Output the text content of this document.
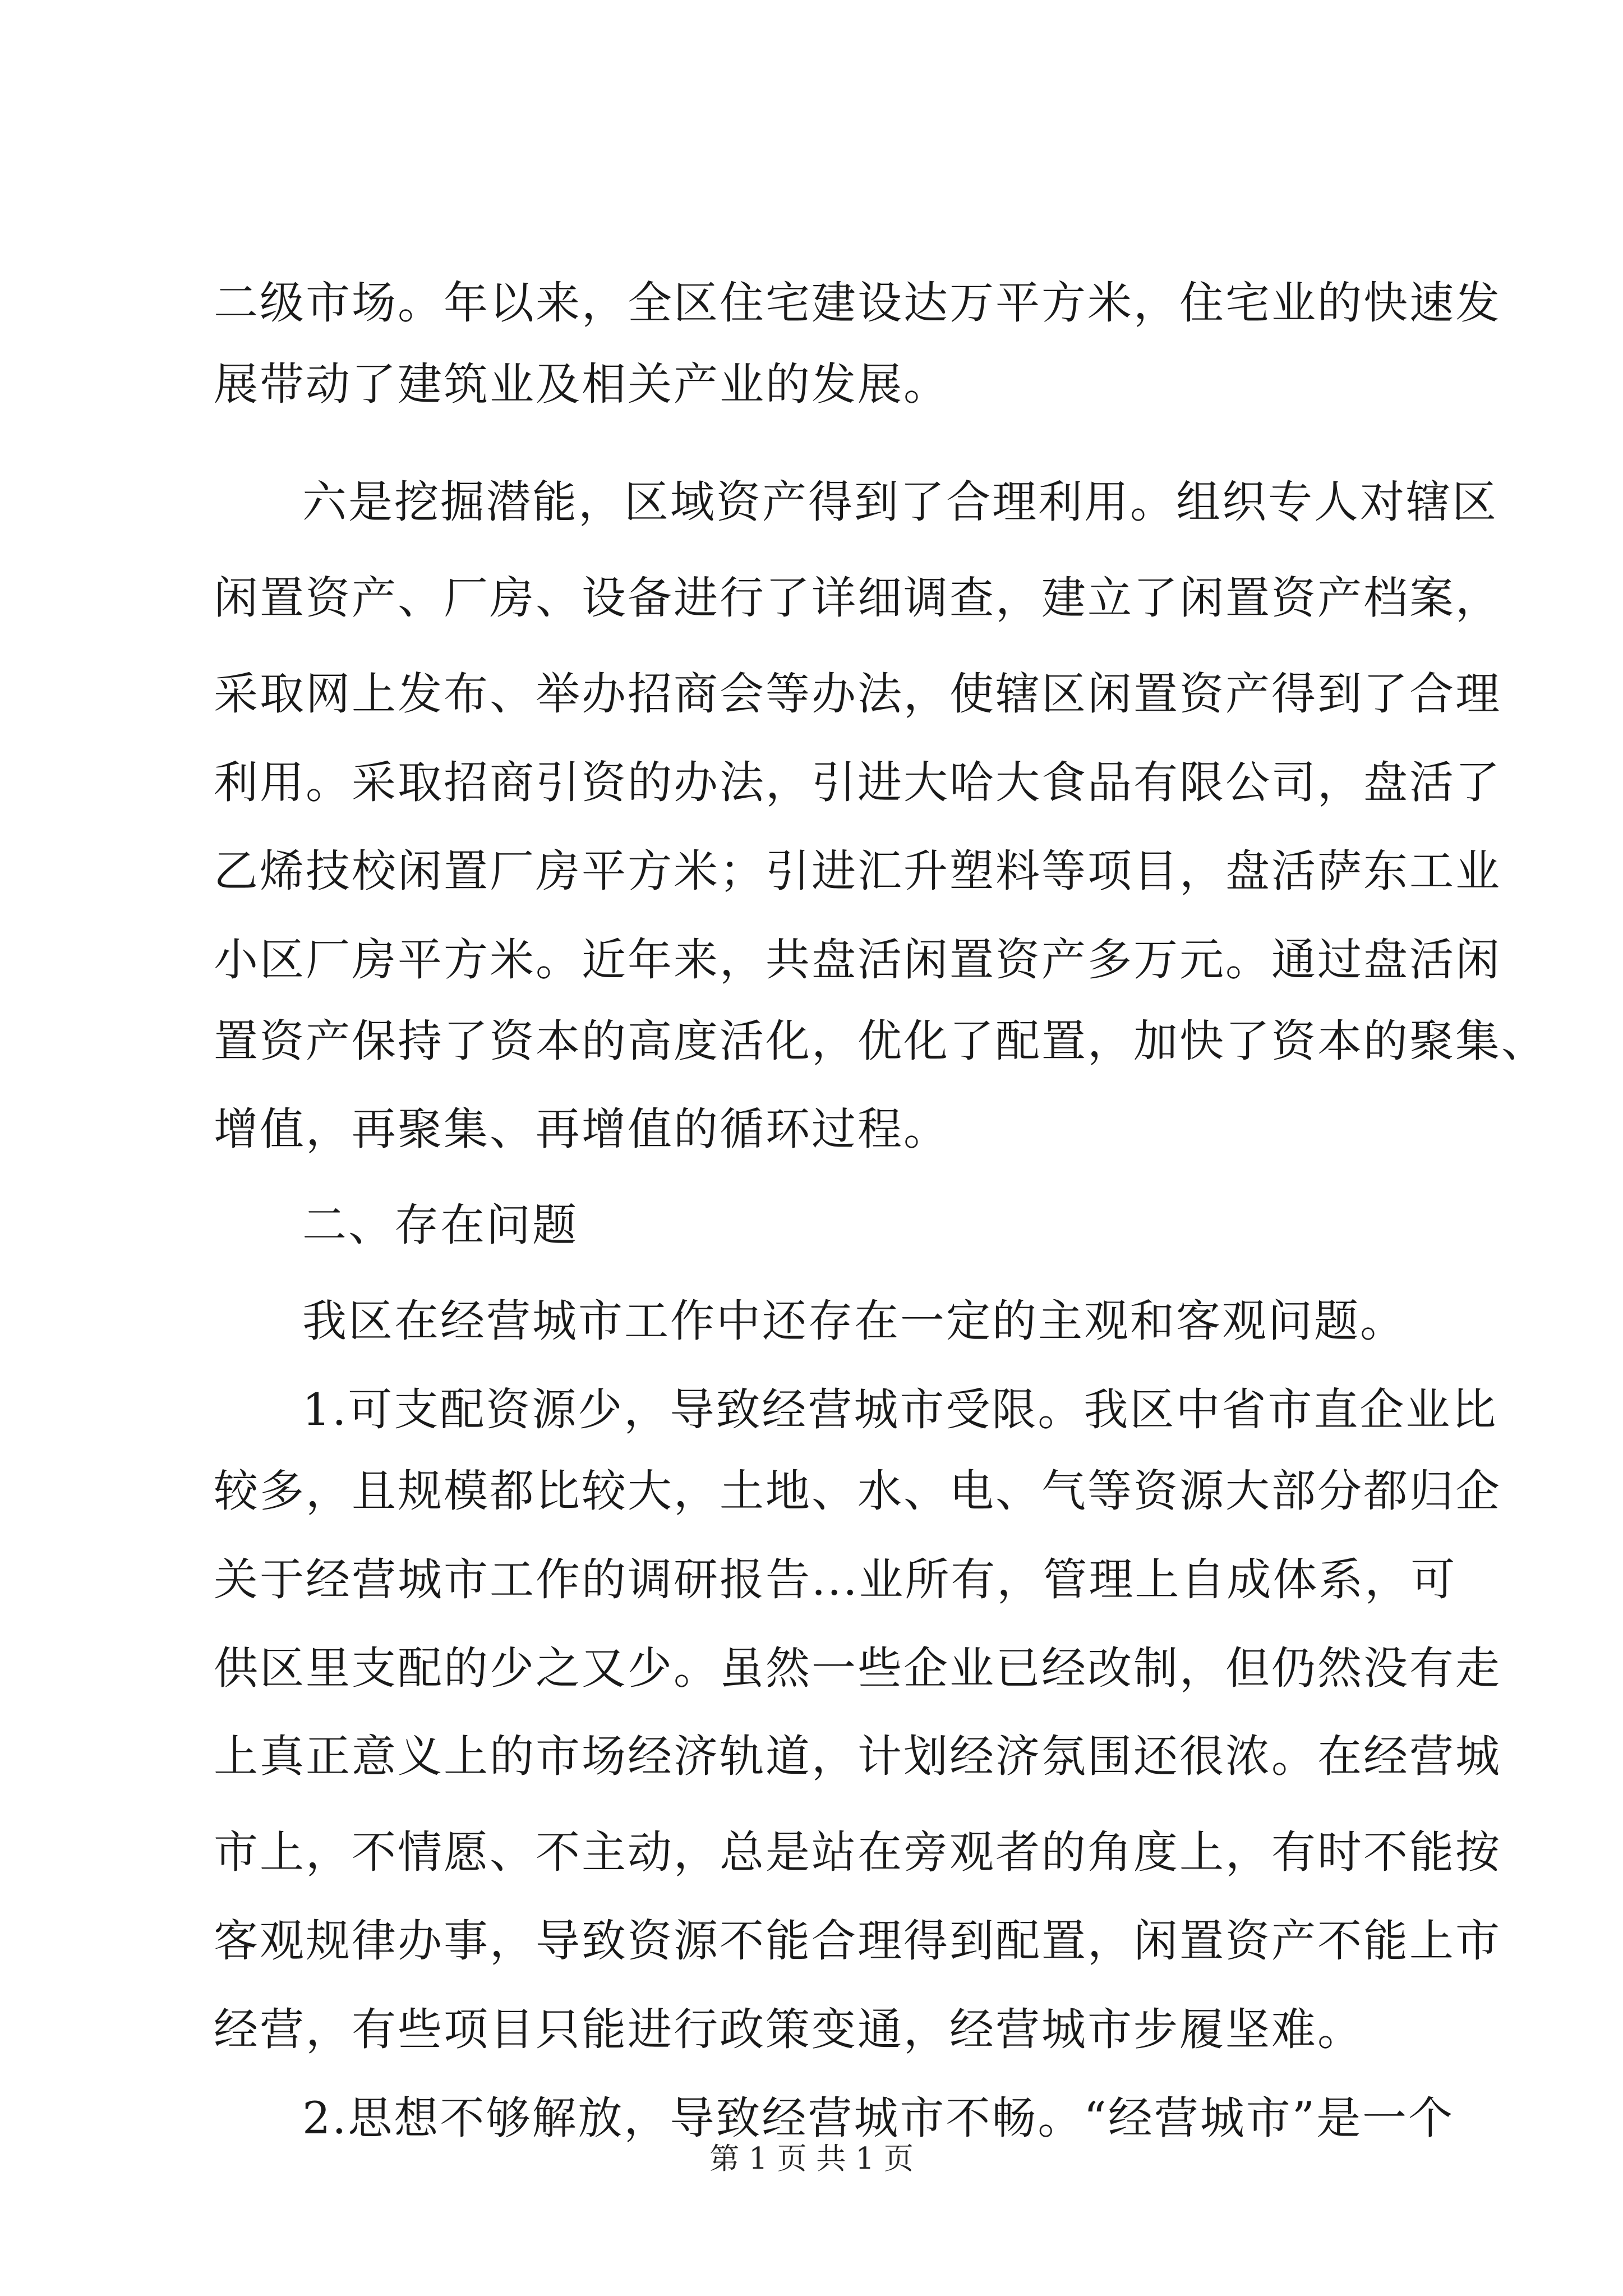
二级市场。年以来，全区住宅建设达万平方米，住宅业的快速发
展带动了建筑业及相关产业的发展。
六是挖掘潜能，区域资产得到了合理利用。组织专人对辖区
闲置资产、厂房、设备进行了详细调查，建立了闲置资产档案，
采取网上发布、举办招商会等办法，使辖区闲置资产得到了合理
利用。采取招商引资的办法，引进大哈大食品有限公司，盘活了
乙烯技校闲置厂房平方米；引进汇升塑料等项目，盘活萨东工业
小区厂房平方米。近年来，共盘活闲置资产多万元。通过盘活闲
置资产保持了资本的高度活化，优化了配置，加快了资本的聚集、
增值，再聚集、再增值的循环过程。
二、存在问题
我区在经营城市工作中还存在一定的主观和客观问题。
1.可支配资源少，导致经营城市受限。我区中省市直企业比
较多，且规模都比较大，土地、水、电、气等资源大部分都归企
关于经营城市工作的调研报告...业所有，管理上自成体系，可
供区里支配的少之又少。虽然一些企业已经改制，但仍然没有走
上真正意义上的市场经济轨道，计划经济氛围还很浓。在经营城
市上，不情愿、不主动，总是站在旁观者的角度上，有时不能按
客观规律办事，导致资源不能合理得到配置，闲置资产不能上市
经营，有些项目只能进行政策变通，经营城市步履坚难。
2.思想不够解放，导致经营城市不畅。“经营城市”是一个
第 1 页 共 1 页
